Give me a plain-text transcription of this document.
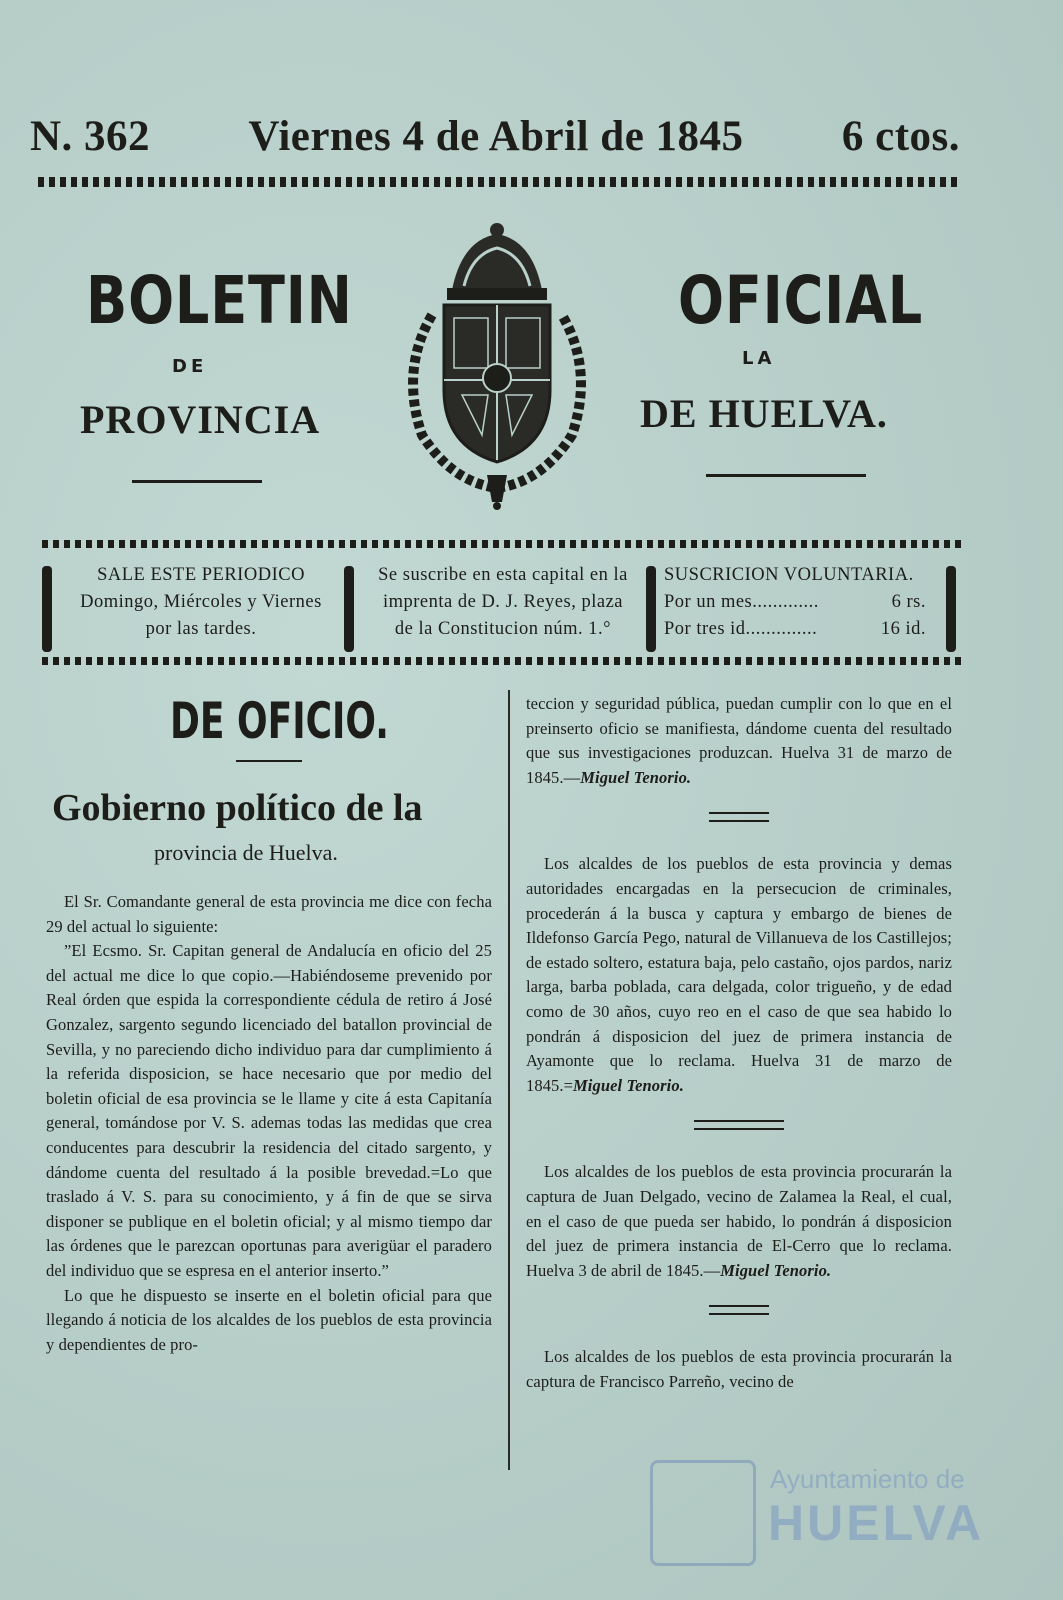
N. 362 Viernes 4 de Abril de 1845 6 ctos.
BOLETIN	OFICIAL
DE	LA
PROVINCIA	DE HUELVA.
SALE ESTE PERIODICO
Domingo, Miércoles y Viernes
por las tardes.
Se suscribe en esta capital en la
imprenta de D. J. Reyes, plaza
de la Constitucion núm. 1.°
SUSCRICION VOLUNTARIA.
Por un mes.............	6 rs.
Por tres id..............	16 id.
DE OFICIO.
Gobierno político de la
provincia de Huelva.

El Sr. Comandante general de esta provincia me dice con fecha 29 del actual lo siguiente:

”El Ecsmo. Sr. Capitan general de Andalucía en oficio del 25 del actual me dice lo que copio.—Habiéndoseme prevenido por Real órden que espida la correspondiente cédula de retiro á José Gonzalez, sargento segundo licenciado del batallon provincial de Sevilla, y no pareciendo dicho individuo para dar cumplimiento á la referida disposicion, se hace necesario que por medio del boletin oficial de esa provincia se le llame y cite á esta Capitanía general, tomándose por V. S. ademas todas las medidas que crea conducentes para descubrir la residencia del citado sargento, y dándome cuenta del resultado á la posible brevedad.=Lo que traslado á V. S. para su conocimiento, y á fin de que se sirva disponer se publique en el boletin oficial; y al mismo tiempo dar las órdenes que le parezcan oportunas para averigüar el paradero del individuo que se espresa en el anterior inserto.”

Lo que he dispuesto se inserte en el boletin oficial para que llegando á noticia de los alcaldes de los pueblos de esta provincia y dependientes de pro-

teccion y seguridad pública, puedan cumplir con lo que en el preinserto oficio se manifiesta, dándome cuenta del resultado que sus investigaciones produzcan. Huelva 31 de marzo de 1845.—Miguel Tenorio.

Los alcaldes de los pueblos de esta provincia y demas autoridades encargadas en la persecucion de criminales, procederán á la busca y captura y embargo de bienes de Ildefonso García Pego, natural de Villanueva de los Castillejos; de estado soltero, estatura baja, pelo castaño, ojos pardos, nariz larga, barba poblada, cara delgada, color trigueño, y de edad como de 30 años, cuyo reo en el caso de que sea habido lo pondrán á disposicion del juez de primera instancia de Ayamonte que lo reclama. Huelva 31 de marzo de 1845.=Miguel Tenorio.

Los alcaldes de los pueblos de esta provincia procurarán la captura de Juan Delgado, vecino de Zalamea la Real, el cual, en el caso de que pueda ser habido, lo pondrán á disposicion del juez de primera instancia de El-Cerro que lo reclama. Huelva 3 de abril de 1845.—Miguel Tenorio.

Los alcaldes de los pueblos de esta provincia procurarán la captura de Francisco Parreño, vecino de

Ayuntamiento de
HUELVA
